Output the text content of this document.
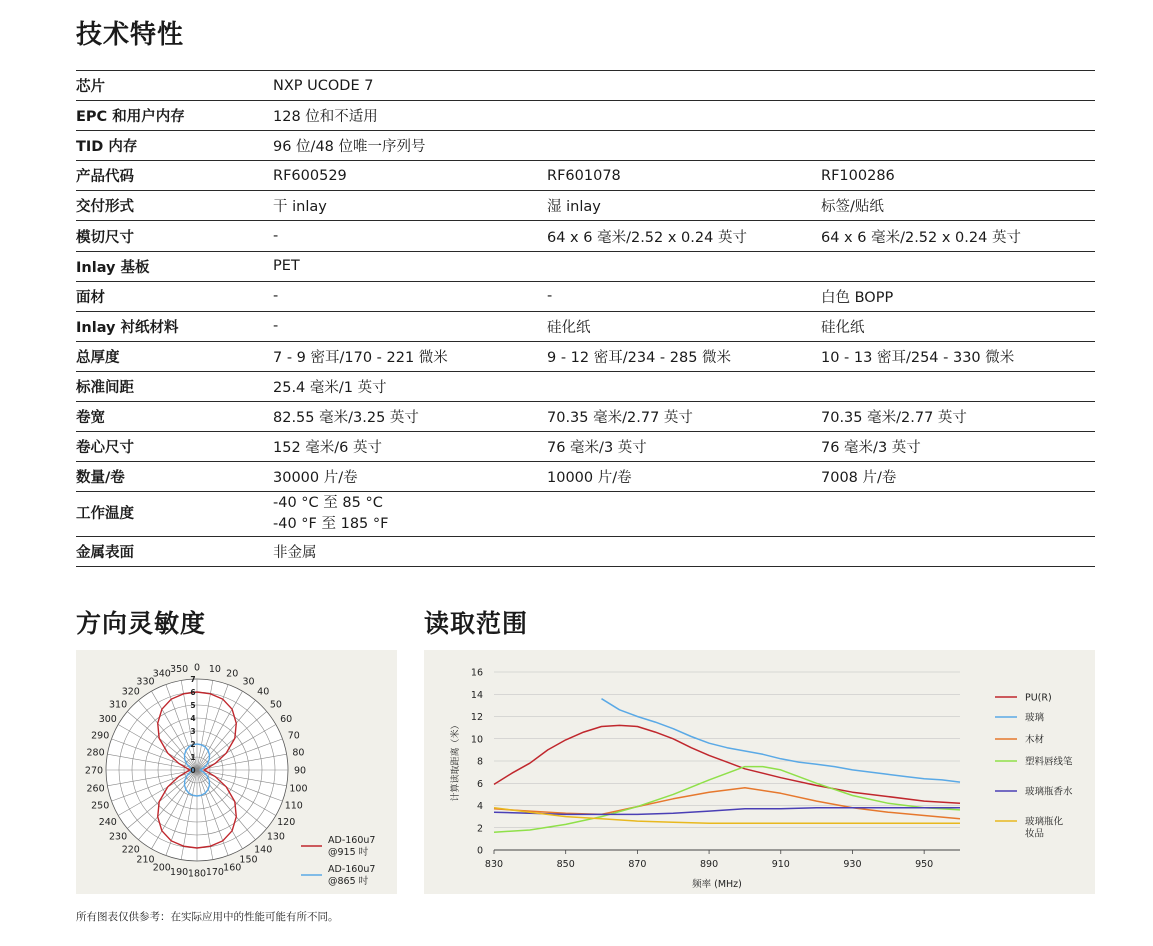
技术特性
芯片	NXP UCODE 7		
EPC 和用户内存	128 位和不适用		
TID 内存	96 位/48 位唯一序列号		
产品代码	RF600529	RF601078	RF100286
交付形式	干 inlay	湿 inlay	标签/贴纸
模切尺寸	-	64 x 6 毫米/2.52 x 0.24 英寸	64 x 6 毫米/2.52 x 0.24 英寸
Inlay 基板	PET		
面材	-	-	白色 BOPP
Inlay 衬纸材料	-	硅化纸	硅化纸
总厚度	7 - 9 密耳/170 - 221 微米	9 - 12 密耳/234 - 285 微米	10 - 13 密耳/254 - 330 微米
标准间距	25.4 毫米/1 英寸		
卷宽	82.55 毫米/3.25 英寸	70.35 毫米/2.77 英寸	70.35 毫米/2.77 英寸
卷心尺寸	152 毫米/6 英寸	76 毫米/3 英寸	76 毫米/3 英寸
数量/卷	30000 片/卷	10000 片/卷	7008 片/卷
工作温度	-40 °C 至 85 °C
-40 °F 至 185 °F		

金属表面	非金属		
方向灵敏度	读取范围
0 10 20
30
40
50
60
70
80
90
100
110
120
130
140
150
160
170
180
190
200
210
220
230
240
250
260
270
280
290
300
310
320
330
340 350
0
1
2
3
4
5
6
7
AD-160u7
@915 吋
AD-160u7
@865 吋
0
2
4
6
8
10
12
14
16
830	850	870	890	910	930	950
频率 (MHz)
计算读取距离（米）
PU(R)
玻璃
木材
塑料唇线笔
玻璃瓶香水
玻璃瓶化
妆品
所有图表仅供参考：在实际应用中的性能可能有所不同。
